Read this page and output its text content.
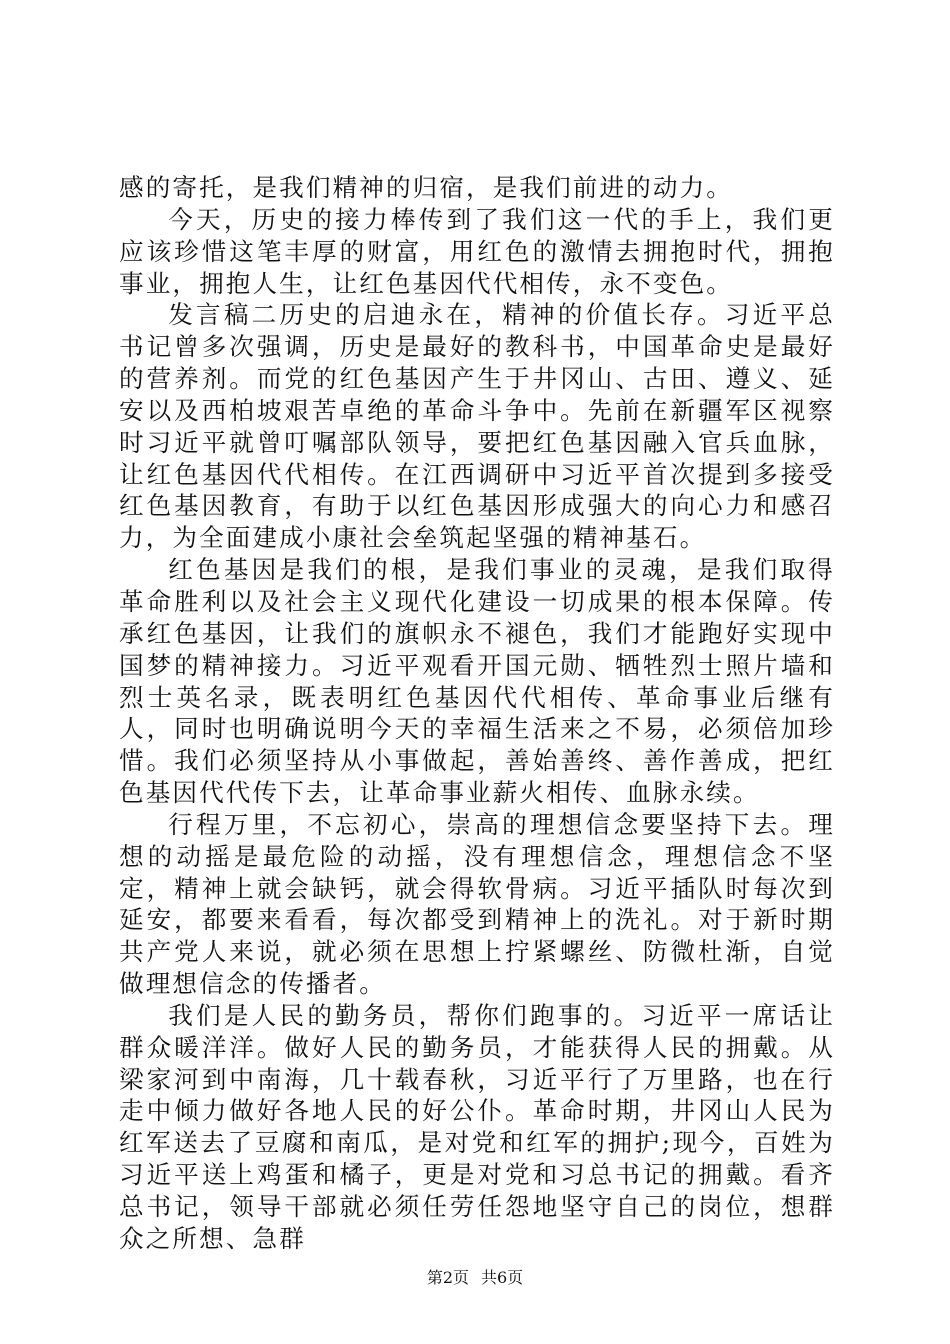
感的寄托，是我们精神的归宿，是我们前进的动力。

今天，历史的接力棒传到了我们这一代的手上，我们更应该珍惜这笔丰厚的财富，用红色的激情去拥抱时代，拥抱事业，拥抱人生，让红色基因代代相传，永不变色。

发言稿二历史的启迪永在，精神的价值长存。习近平总书记曾多次强调，历史是最好的教科书，中国革命史是最好的营养剂。而党的红色基因产生于井冈山、古田、遵义、延安以及西柏坡艰苦卓绝的革命斗争中。先前在新疆军区视察时习近平就曾叮嘱部队领导，要把红色基因融入官兵血脉，让红色基因代代相传。在江西调研中习近平首次提到多接受红色基因教育，有助于以红色基因形成强大的向心力和感召力，为全面建成小康社会垒筑起坚强的精神基石。

红色基因是我们的根，是我们事业的灵魂，是我们取得革命胜利以及社会主义现代化建设一切成果的根本保障。传承红色基因，让我们的旗帜永不褪色，我们才能跑好实现中国梦的精神接力。习近平观看开国元勋、牺牲烈士照片墙和烈士英名录，既表明红色基因代代相传、革命事业后继有人，同时也明确说明今天的幸福生活来之不易，必须倍加珍惜。我们必须坚持从小事做起，善始善终、善作善成，把红色基因代代传下去，让革命事业薪火相传、血脉永续。

行程万里，不忘初心，崇高的理想信念要坚持下去。理想的动摇是最危险的动摇，没有理想信念，理想信念不坚定，精神上就会缺钙，就会得软骨病。习近平插队时每次到延安，都要来看看，每次都受到精神上的洗礼。对于新时期共产党人来说，就必须在思想上拧紧螺丝、防微杜渐，自觉做理想信念的传播者。

我们是人民的勤务员，帮你们跑事的。习近平一席话让群众暖洋洋。做好人民的勤务员，才能获得人民的拥戴。从梁家河到中南海，几十载春秋，习近平行了万里路，也在行走中倾力做好各地人民的好公仆。革命时期，井冈山人民为红军送去了豆腐和南瓜，是对党和红军的拥护;现今，百姓为习近平送上鸡蛋和橘子，更是对党和习总书记的拥戴。看齐总书记，领导干部就必须任劳任怨地坚守自己的岗位，想群众之所想、急群

第2页 共6页
